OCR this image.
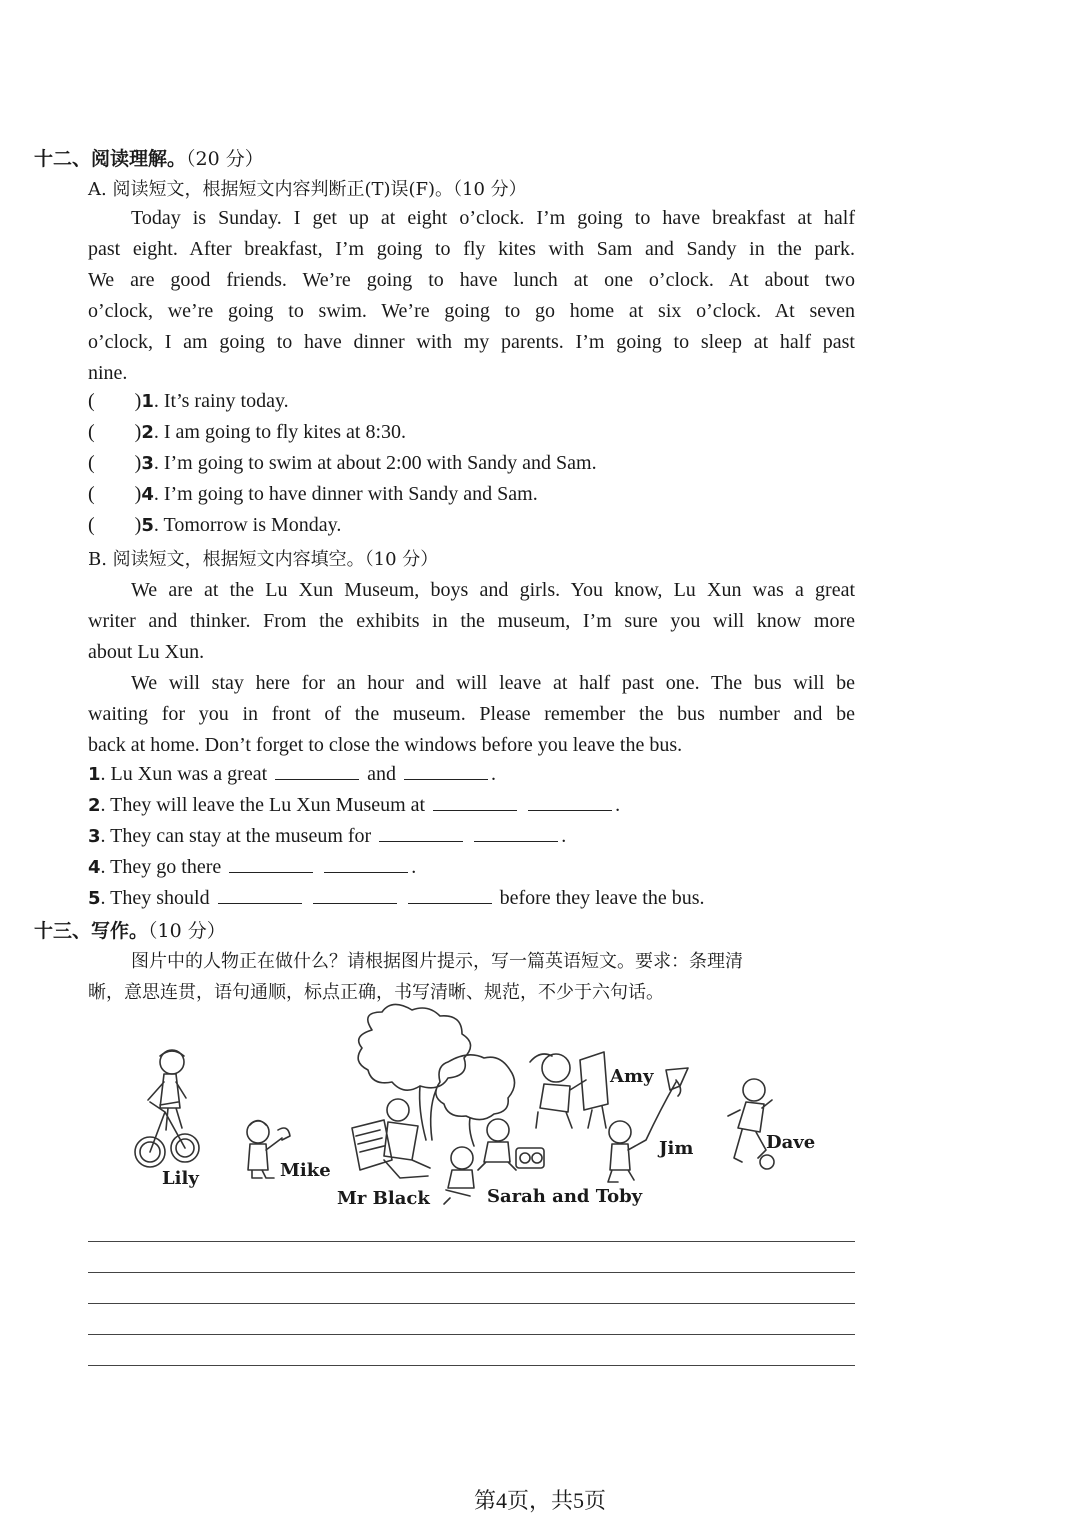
十二、阅读理解。（20 分）
A. 阅读短文，根据短文内容判断正(T)误(F)。（10 分）
Today is Sunday. I get up at eight o’clock. I’m going to have breakfast at half
past eight. After breakfast, I’m going to fly kites with Sam and Sandy in the park.
We are good friends. We’re going to have lunch at one o’clock. At about two
o’clock, we’re going to swim. We’re going to go home at six o’clock. At seven
o’clock, I am going to have dinner with my parents. I’m going to sleep at half past
nine.
(        )1. It’s rainy today.
(        )2. I am going to fly kites at 8:30.
(        )3. I’m going to swim at about 2:00 with Sandy and Sam.
(        )4. I’m going to have dinner with Sandy and Sam.
(        )5. Tomorrow is Monday.
B. 阅读短文，根据短文内容填空。（10 分）
We are at the Lu Xun Museum, boys and girls. You know, Lu Xun was a great
writer and thinker. From the exhibits in the museum, I’m sure you will know more
about Lu Xun.
We will stay here for an hour and will leave at half past one. The bus will be
waiting for you in front of the museum. Please remember the bus number and be
back at home. Don’t forget to close the windows before you leave the bus.
1. Lu Xun was a great	and	.
2. They will leave the Lu Xun Museum at	.
3. They can stay at the museum for	.
4. They go there	.
5. They should	before they leave the bus.
十三、写作。（10 分）
图片中的人物正在做什么？请根据图片提示，写一篇英语短文。要求：条理清
晰，意思连贯，语句通顺，标点正确，书写清晰、规范，不少于六句话。
Lily	Mike
Mr Black	Sarah and Toby
Amy
Jim	Dave
第4页，共5页
